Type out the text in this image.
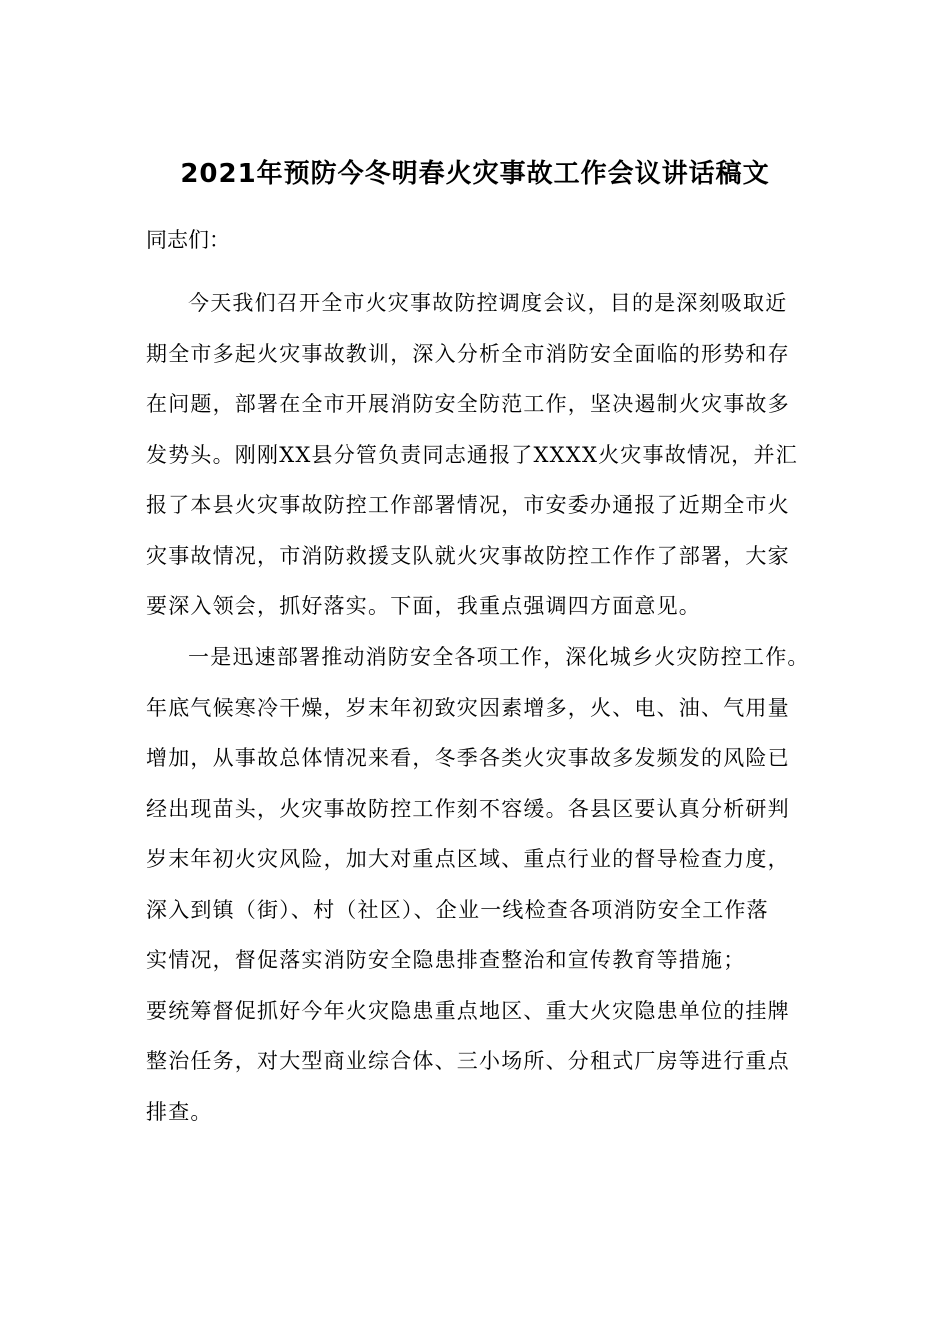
2021年预防今冬明春火灾事故工作会议讲话稿文
同志们：
今天我们召开全市火灾事故防控调度会议，目的是深刻吸取近
期全市多起火灾事故教训，深入分析全市消防安全面临的形势和存
在问题，部署在全市开展消防安全防范工作，坚决遏制火灾事故多
发势头。刚刚XX县分管负责同志通报了XXXX火灾事故情况，并汇
报了本县火灾事故防控工作部署情况，市安委办通报了近期全市火
灾事故情况，市消防救援支队就火灾事故防控工作作了部署，大家
要深入领会，抓好落实。下面，我重点强调四方面意见。
一是迅速部署推动消防安全各项工作，深化城乡火灾防控工作。
年底气候寒冷干燥，岁末年初致灾因素增多，火、电、油、气用量
增加，从事故总体情况来看，冬季各类火灾事故多发频发的风险已
经出现苗头，火灾事故防控工作刻不容缓。各县区要认真分析研判
岁末年初火灾风险，加大对重点区域、重点行业的督导检查力度，
深入到镇（街）、村（社区）、企业一线检查各项消防安全工作落
实情况，督促落实消防安全隐患排查整治和宣传教育等措施；
要统筹督促抓好今年火灾隐患重点地区、重大火灾隐患单位的挂牌
整治任务，对大型商业综合体、三小场所、分租式厂房等进行重点
排查。
